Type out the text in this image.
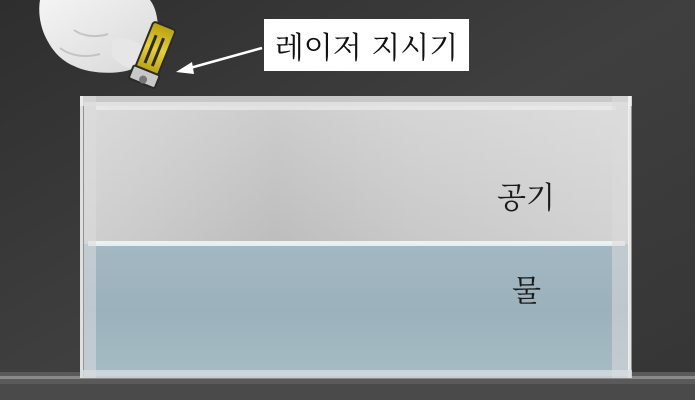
레이저 지시기
공기
물
